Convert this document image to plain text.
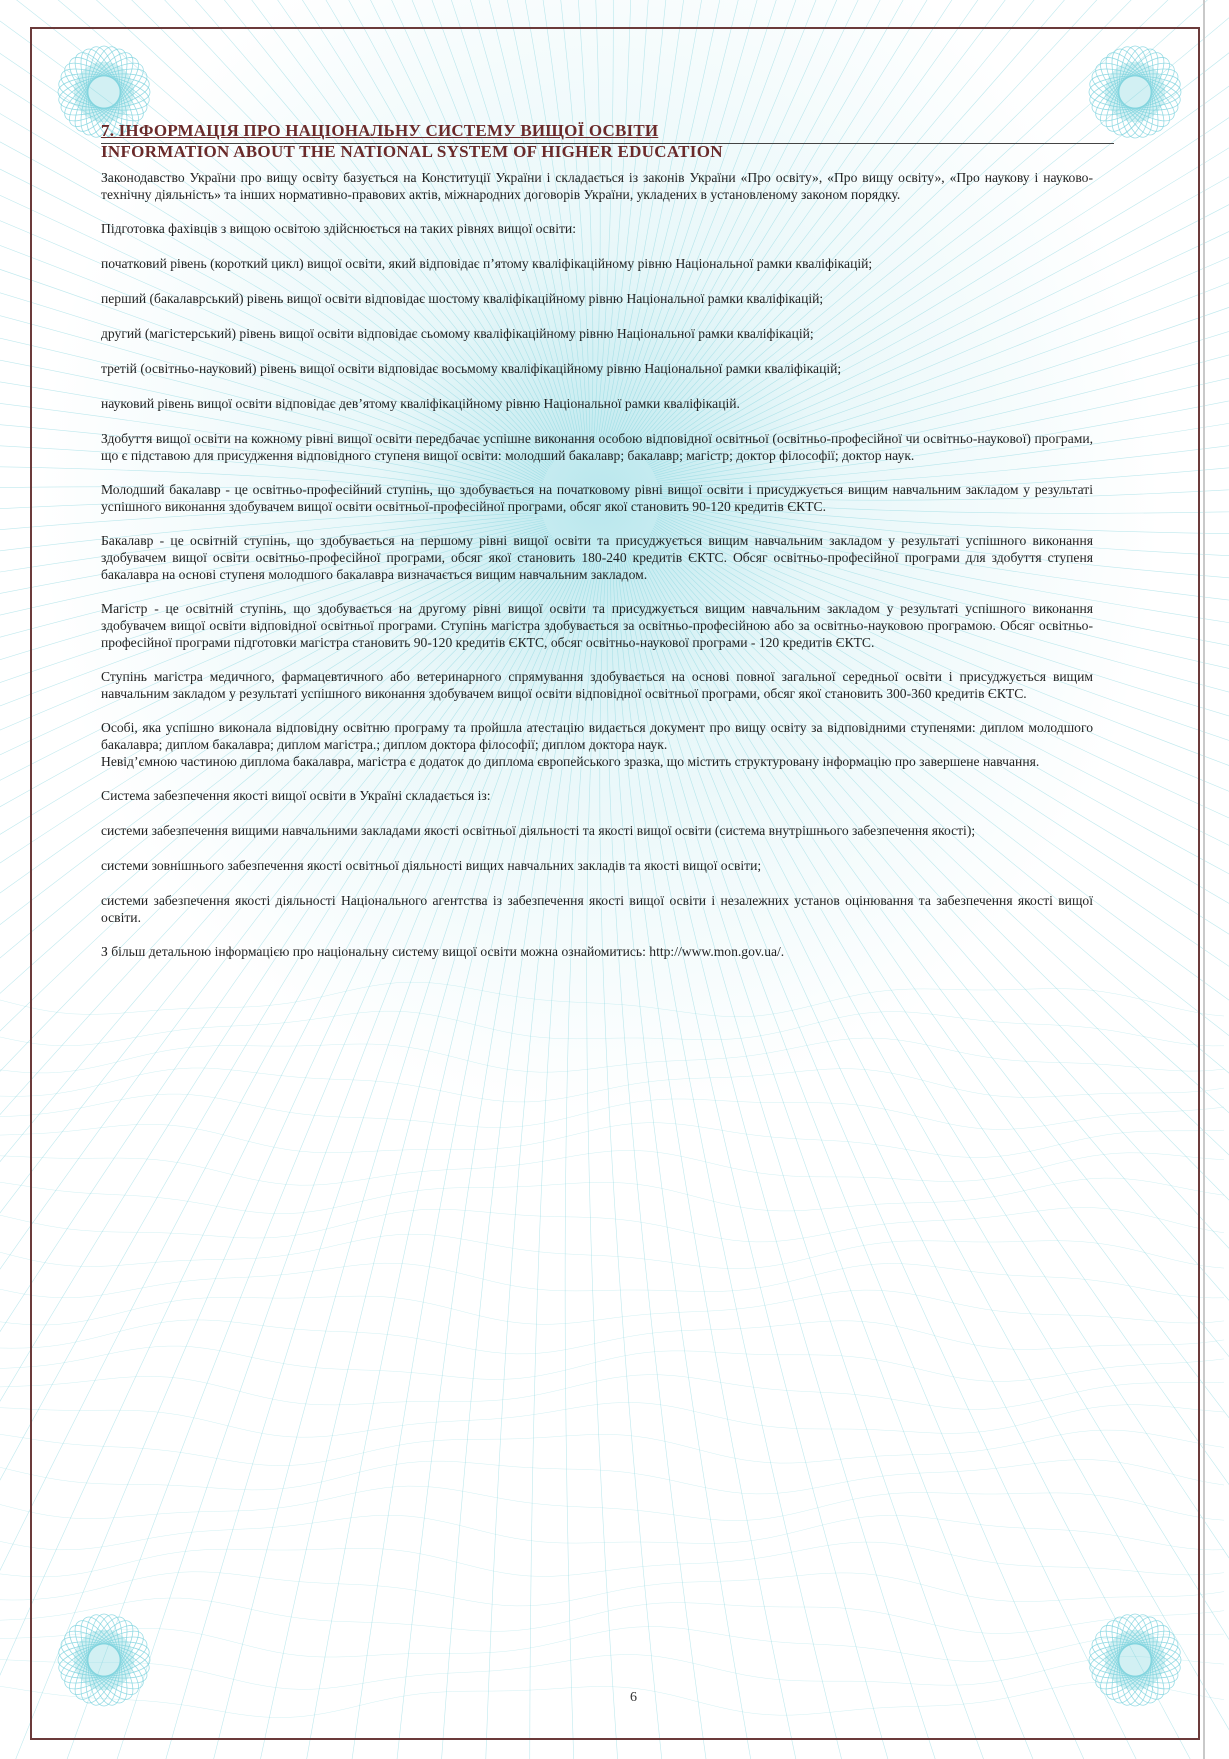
7. ІНФОРМАЦІЯ ПРО НАЦІОНАЛЬНУ СИСТЕМУ ВИЩОЇ ОСВІТИ
INFORMATION ABOUT THE NATIONAL SYSTEM OF HIGHER EDUCATION

Законодавство України про вищу освіту базується на Конституції України і складається із законів України «Про освіту», «Про вищу освіту», «Про наукову і науково-технічну діяльність» та інших нормативно-правових актів, міжнародних договорів України, укладених в установленому законом порядку.

Підготовка фахівців з вищою освітою здійснюється на таких рівнях вищої освіти:

початковий рівень (короткий цикл) вищої освіти, який відповідає п’ятому кваліфікаційному рівню Національної рамки кваліфікацій;

перший (бакалаврський) рівень вищої освіти відповідає шостому кваліфікаційному рівню Національної рамки кваліфікацій;

другий (магістерський) рівень вищої освіти відповідає сьомому кваліфікаційному рівню Національної рамки кваліфікацій;

третій (освітньо-науковий) рівень вищої освіти відповідає восьмому кваліфікаційному рівню Національної рамки кваліфікацій;

науковий рівень вищої освіти відповідає дев’ятому кваліфікаційному рівню Національної рамки кваліфікацій.

Здобуття вищої освіти на кожному рівні вищої освіти передбачає успішне виконання особою відповідної освітньої (освітньо-професійної чи освітньо-наукової) програми, що є підставою для присудження відповідного ступеня вищої освіти: молодший бакалавр; бакалавр; магістр; доктор філософії; доктор наук.

Молодший бакалавр - це освітньо-професійний ступінь, що здобувається на початковому рівні вищої освіти і присуджується вищим навчальним закладом у результаті успішного виконання здобувачем вищої освіти освітньої-професійної програми, обсяг якої становить 90-120 кредитів ЄКТС.

Бакалавр - це освітній ступінь, що здобувається на першому рівні вищої освіти та присуджується вищим навчальним закладом у результаті успішного виконання здобувачем вищої освіти освітньо-професійної програми, обсяг якої становить 180-240 кредитів ЄКТС. Обсяг освітньо-професійної програми для здобуття ступеня бакалавра на основі ступеня молодшого бакалавра визначається вищим навчальним закладом.

Магістр - це освітній ступінь, що здобувається на другому рівні вищої освіти та присуджується вищим навчальним закладом у результаті успішного виконання здобувачем вищої освіти відповідної освітньої програми. Ступінь магістра здобувається за освітньо-професійною або за освітньо-науковою програмою. Обсяг освітньо-професійної програми підготовки магістра становить 90-120 кредитів ЄКТС, обсяг освітньо-наукової програми - 120 кредитів ЄКТС.

Ступінь магістра медичного, фармацевтичного або ветеринарного спрямування здобувається на основі повної загальної середньої освіти і присуджується вищим навчальним закладом у результаті успішного виконання здобувачем вищої освіти відповідної освітньої програми, обсяг якої становить 300-360 кредитів ЄКТС.

Особі, яка успішно виконала відповідну освітню програму та пройшла атестацію видається документ про вищу освіту за відповідними ступенями: диплом молодшого бакалавра; диплом бакалавра; диплом магістра.; диплом доктора філософії; диплом доктора наук.

Невід’ємною частиною диплома бакалавра, магістра є додаток до диплома європейського зразка, що містить структуровану інформацію про завершене навчання.

Система забезпечення якості вищої освіти в Україні складається із:

системи забезпечення вищими навчальними закладами якості освітньої діяльності та якості вищої освіти (система внутрішнього забезпечення якості);

системи зовнішнього забезпечення якості освітньої діяльності вищих навчальних закладів та якості вищої освіти;

системи забезпечення якості діяльності Національного агентства із забезпечення якості вищої освіти і незалежних установ оцінювання та забезпечення якості вищої освіти.

З більш детальною інформацією про національну систему вищої освіти можна ознайомитись: http://www.mon.gov.ua/.

6
